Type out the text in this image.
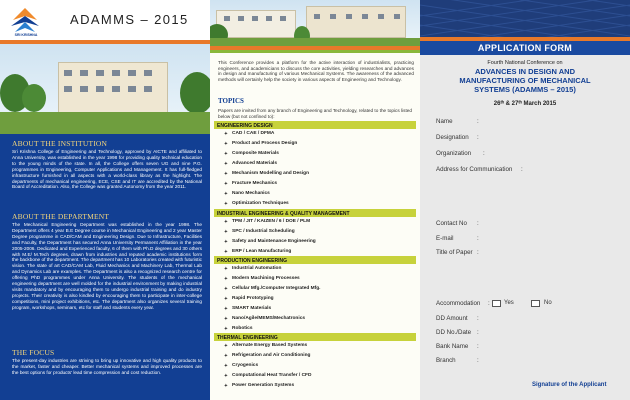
SRI KRISHNA
ADAMMS – 2015
ABOUT THE INSTITUTION
Sri Krishna College of Engineering and Technology, approved by AICTE and affiliated to Anna University, was established in the year 1998 for providing quality technical education to the young minds of the state. In all, the College offers seven UG and nine P.G. programmes in Engineering, Computer Applications and Management. It has full-fledged infrastructure furnished in all aspects with a world-class library as the highlight. The departments of mechanical engineering, ECE, CSE and IT are accredited by the National Board of Accreditation. Also, the College was granted Autonomy from the year 2011.
ABOUT THE DEPARTMENT
The Mechanical Engineering Department was established in the year 1998. The Department offers 4 year B.E Degree course in Mechanical Engineering and 2 year Master Degree programme in CAD/CAM and Engineering Design. Due to Infrastructure, Facilities and Faculty, the Department has secured Anna University Permanent Affiliation in the year 2005-2006. Dedicated and Experienced faculty, 6 of them with Ph.D degrees and 30 others with M.E/ M.Tech degrees, drawn from industries and reputed academic institutions form the backbone of the department. The department has 10 Laboratories created with futuristic vision. The state of art CAD/CAM Lab, Fluid Mechanics and Machinery Lab, Thermal Lab and Dynamics Lab are examples. The Department is also a recognized research centre for offering PhD programmes under Anna University. The students of the mechanical engineering department are well molded for the industrial environment by making industrial visits mandatory and by encouraging them to undergo industrial training and do industry projects. Their creativity is also kindled by encouraging them to participate in inter-college competitions, mini project exhibitions, etc. The department also organizes several training program, workshops, seminars, etc for staff and students every year.
THE FOCUS
The present-day industries are striving to bring up innovative and high quality products to the market, faster and cheaper. Better mechanical systems and improved processes are the best options for products' lead time compression and cost reduction.
This Conference provides a platform for the active interaction of industrialists, practicing engineers, and academicians to discuss the core activities, yielding researches and advances in design and manufacturing of various Mechanical Systems. The awareness of the advanced methods will certainly help the society in various aspects of Engineering and Technology.
TOPICS
Papers are invited from any branch of Engineering and Technology, related to the topics listed below (but not confined to):
ENGINEERING DESIGN
✦ CAD / CAE / DFMA
✦ Product and Process Design
✦ Composite Materials
✦ Advanced Materials
✦ Mechanism Modelling and Design
✦ Fracture Mechanics
✦ Nano Mechanics
✦ Optimization Techniques
INDUSTRIAL ENGINEERING & QUALITY MANAGEMENT
✦ TPM / JIT / KAIZEN / 6 / DOE / PLM
✦ SPC / Industrial Scheduling
✦ Safety and Maintenance Engineering
✦ ERP / Lean Manufacturing
PRODUCTION ENGINEERING
✦ Industrial Automation
✦ Modern Machining Processes
✦ Cellular Mfg./Computer Integrated Mfg.
✦ Rapid Prototyping
✦ SMART Materials
✦ Nano/Agile/MEMS/Mechatronics
✦ Robotics
THERMAL ENGINEERING
✦ Alternate Energy Based Systems
✦ Refrigeration and Air Conditioning
✦ Cryogenics
✦ Computational Heat Transfer / CFD
✦ Power Generation Systems
APPLICATION FORM
Fourth National Conference on
ADVANCES IN DESIGN AND MANUFACTURING OF MECHANICAL SYSTEMS (ADAMMS – 2015)
26ᵗʰ & 27ᵗʰ March 2015
Name	:
Designation :
Organization :
Address for Communication :
Contact No :
E-mail	:
Title of Paper :
Accommodation : Yes	No
DD Amount :
DD No./Date :
Bank Name :
Branch	:
Signature of the Applicant
